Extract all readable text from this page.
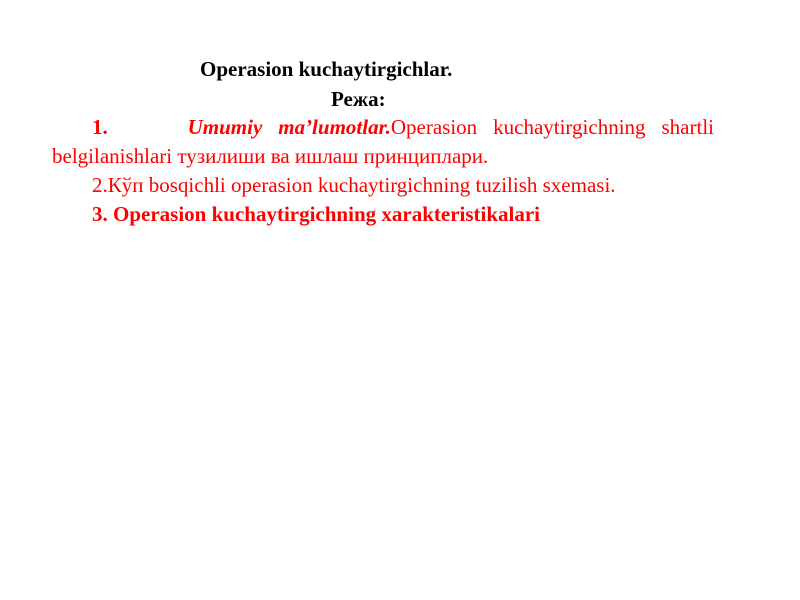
Operasion kuchaytirgichlar.
Режа:

1.	Umumiy ma’lumotlar.Operasion kuchaytirgichning shartli belgilanishlari тузилиши ва ишлаш принциплари.

2.Кўп bosqichli operasion kuchaytirgichning tuzilish sxemasi.

3. Operasion kuchaytirgichning xarakteristikalari
